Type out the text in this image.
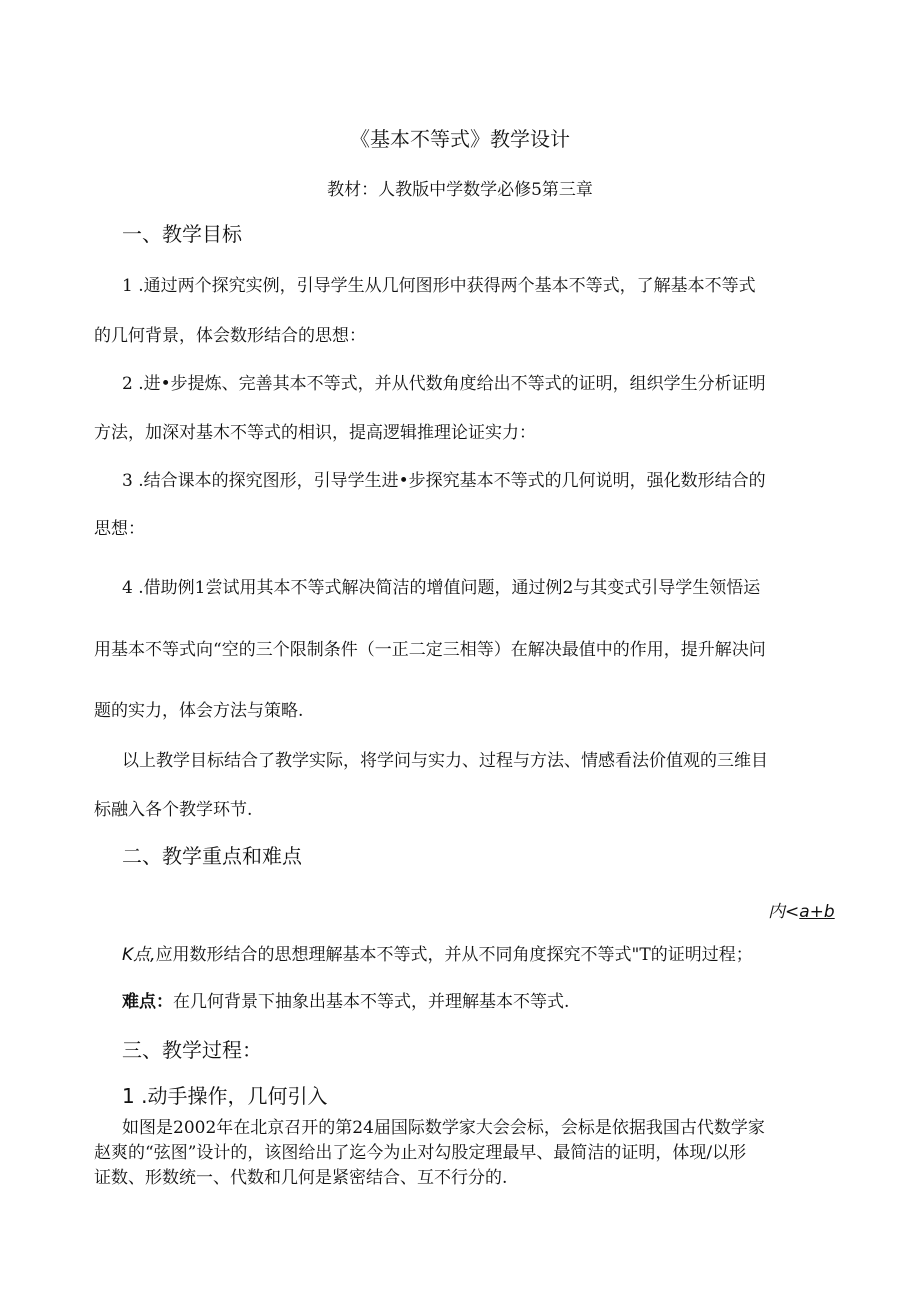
《基本不等式》教学设计
教材：人教版中学数学必修5第三章
一、教学目标
1 .通过两个探究实例，引导学生从几何图形中获得两个基本不等式，了解基本不等式
的几何背景，体会数形结合的思想：
2 .进•步提炼、完善其本不等式，并从代数角度给出不等式的证明，组织学生分析证明
方法，加深对基木不等式的相识，提高逻辑推理论证实力：
3 .结合课本的探究图形，引导学生进•步探究基本不等式的几何说明，强化数形结合的
思想：
4 .借助例1尝试用其本不等式解决简洁的增值问题，通过例2与其变式引导学生领悟运
用基本不等式向“空的三个限制条件（一正二定三相等）在解决最值中的作用，提升解决问
题的实力，体会方法与策略.
以上教学目标结合了教学实际，将学问与实力、过程与方法、情感看法价值观的三维目
标融入各个教学环节.
二、教学重点和难点
内<a+b
K点,应用数形结合的思想理解基本不等式，并从不同角度探究不等式"T的证明过程；
难点：在几何背景下抽象出基本不等式，并理解基本不等式.
三、教学过程：
1 .动手操作，几何引入
如图是2002年在北京召开的第24届国际数学家大会会标，会标是依据我国古代数学家
赵爽的“弦图”设计的，该图给出了迄今为止对勾股定理最早、最简洁的证明，体现/以形
证数、形数统一、代数和几何是紧密结合、互不行分的.
